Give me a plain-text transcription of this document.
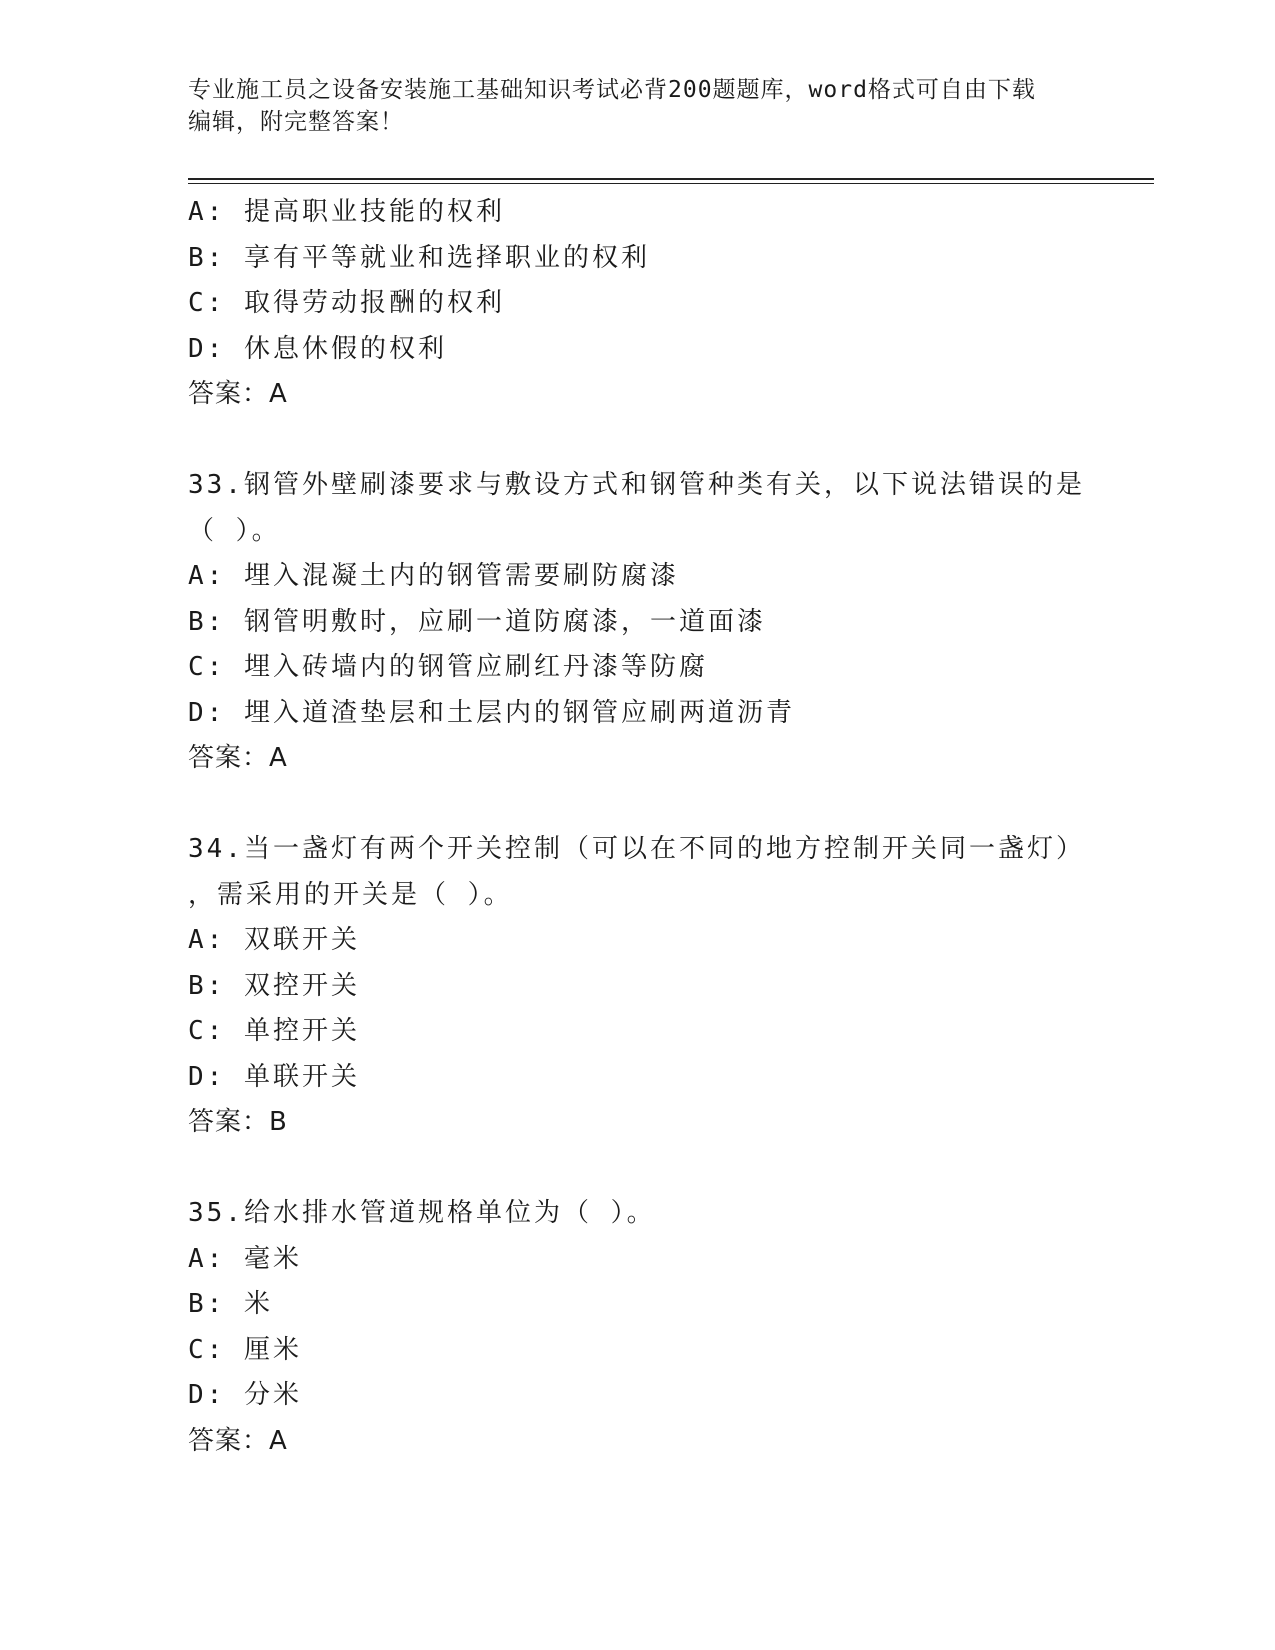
专业施工员之设备安装施工基础知识考试必背200题题库，word格式可自由下载
编辑，附完整答案！
A: 提高职业技能的权利
B: 享有平等就业和选择职业的权利
C: 取得劳动报酬的权利
D: 休息休假的权利
答案：A
33.钢管外壁刷漆要求与敷设方式和钢管种类有关，以下说法错误的是
（ ）。
A: 埋入混凝土内的钢管需要刷防腐漆
B: 钢管明敷时，应刷一道防腐漆，一道面漆
C: 埋入砖墙内的钢管应刷红丹漆等防腐
D: 埋入道渣垫层和土层内的钢管应刷两道沥青
答案：A
34.当一盏灯有两个开关控制（可以在不同的地方控制开关同一盏灯）
，需采用的开关是（ ）。
A: 双联开关
B: 双控开关
C: 单控开关
D: 单联开关
答案：B
35.给水排水管道规格单位为（ ）。
A: 毫米
B: 米
C: 厘米
D: 分米
答案：A
